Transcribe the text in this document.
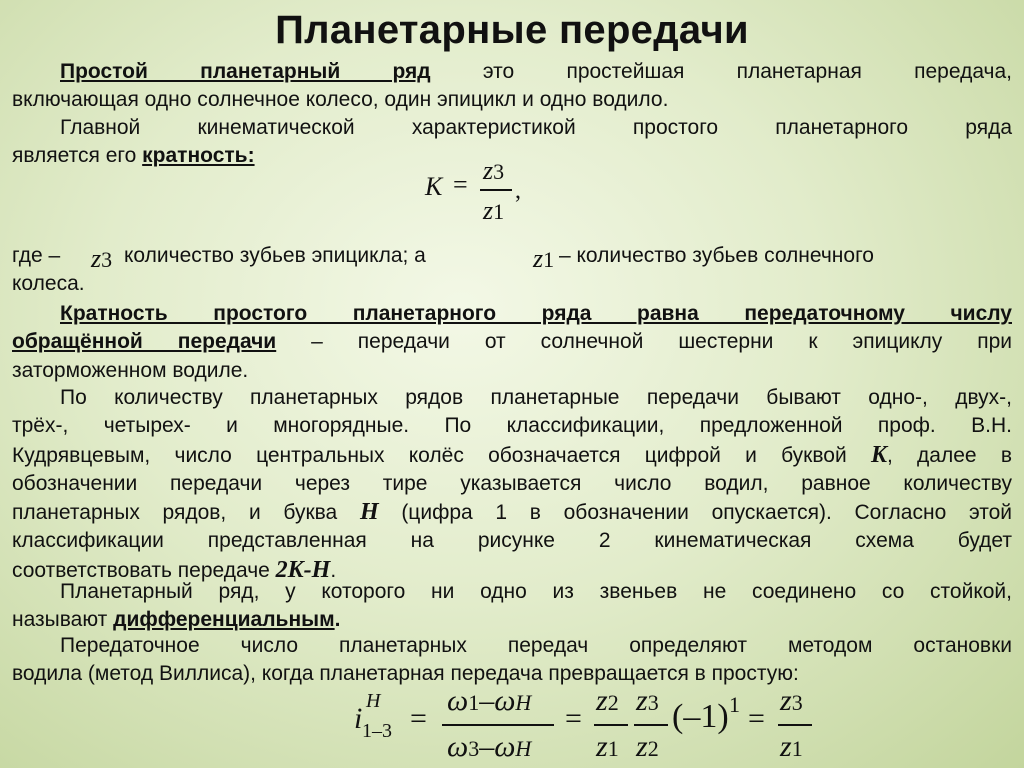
Планетарные передачи
Простой планетарный ряд это простейшая планетарная передача,
включающая одно солнечное колесо, один эпицикл и одно водило.
Главной кинематической характеристикой простого планетарного ряда
является его кратность:
K = z3
z1
,
где –	z3 количество зубьев эпицикла; а	z1 – количество зубьев солнечного
колеса.
Кратность простого планетарного ряда равна передаточному числу
обращённой передачи – передачи от солнечной шестерни к эпициклу при
заторможенном водиле.
По количеству планетарных рядов планетарные передачи бывают одно-, двух-,
трёх-, четырех- и многорядные. По классификации, предложенной проф. В.Н.
Кудрявцевым, число центральных колёс обозначается цифрой и буквой K, далее в
обозначении передачи через тире указывается число водил, равное количеству
планетарных рядов, и буква H (цифра 1 в обозначении опускается). Согласно этой
классификации представленная на рисунке 2 кинематическая схема будет
соответствовать передаче 2K-H.
Планетарный ряд, у которого ни одно из звеньев не соединено со стойкой,
называют дифференциальным.
Передаточное число планетарных передач определяют методом остановки
водила (метод Виллиса), когда планетарная передача превращается в простую:
i
H
1–3 =
ω1–ωH
ω3–ωH
=
z2
z1
z3
z2
(–1) 1 =
z3
z1
